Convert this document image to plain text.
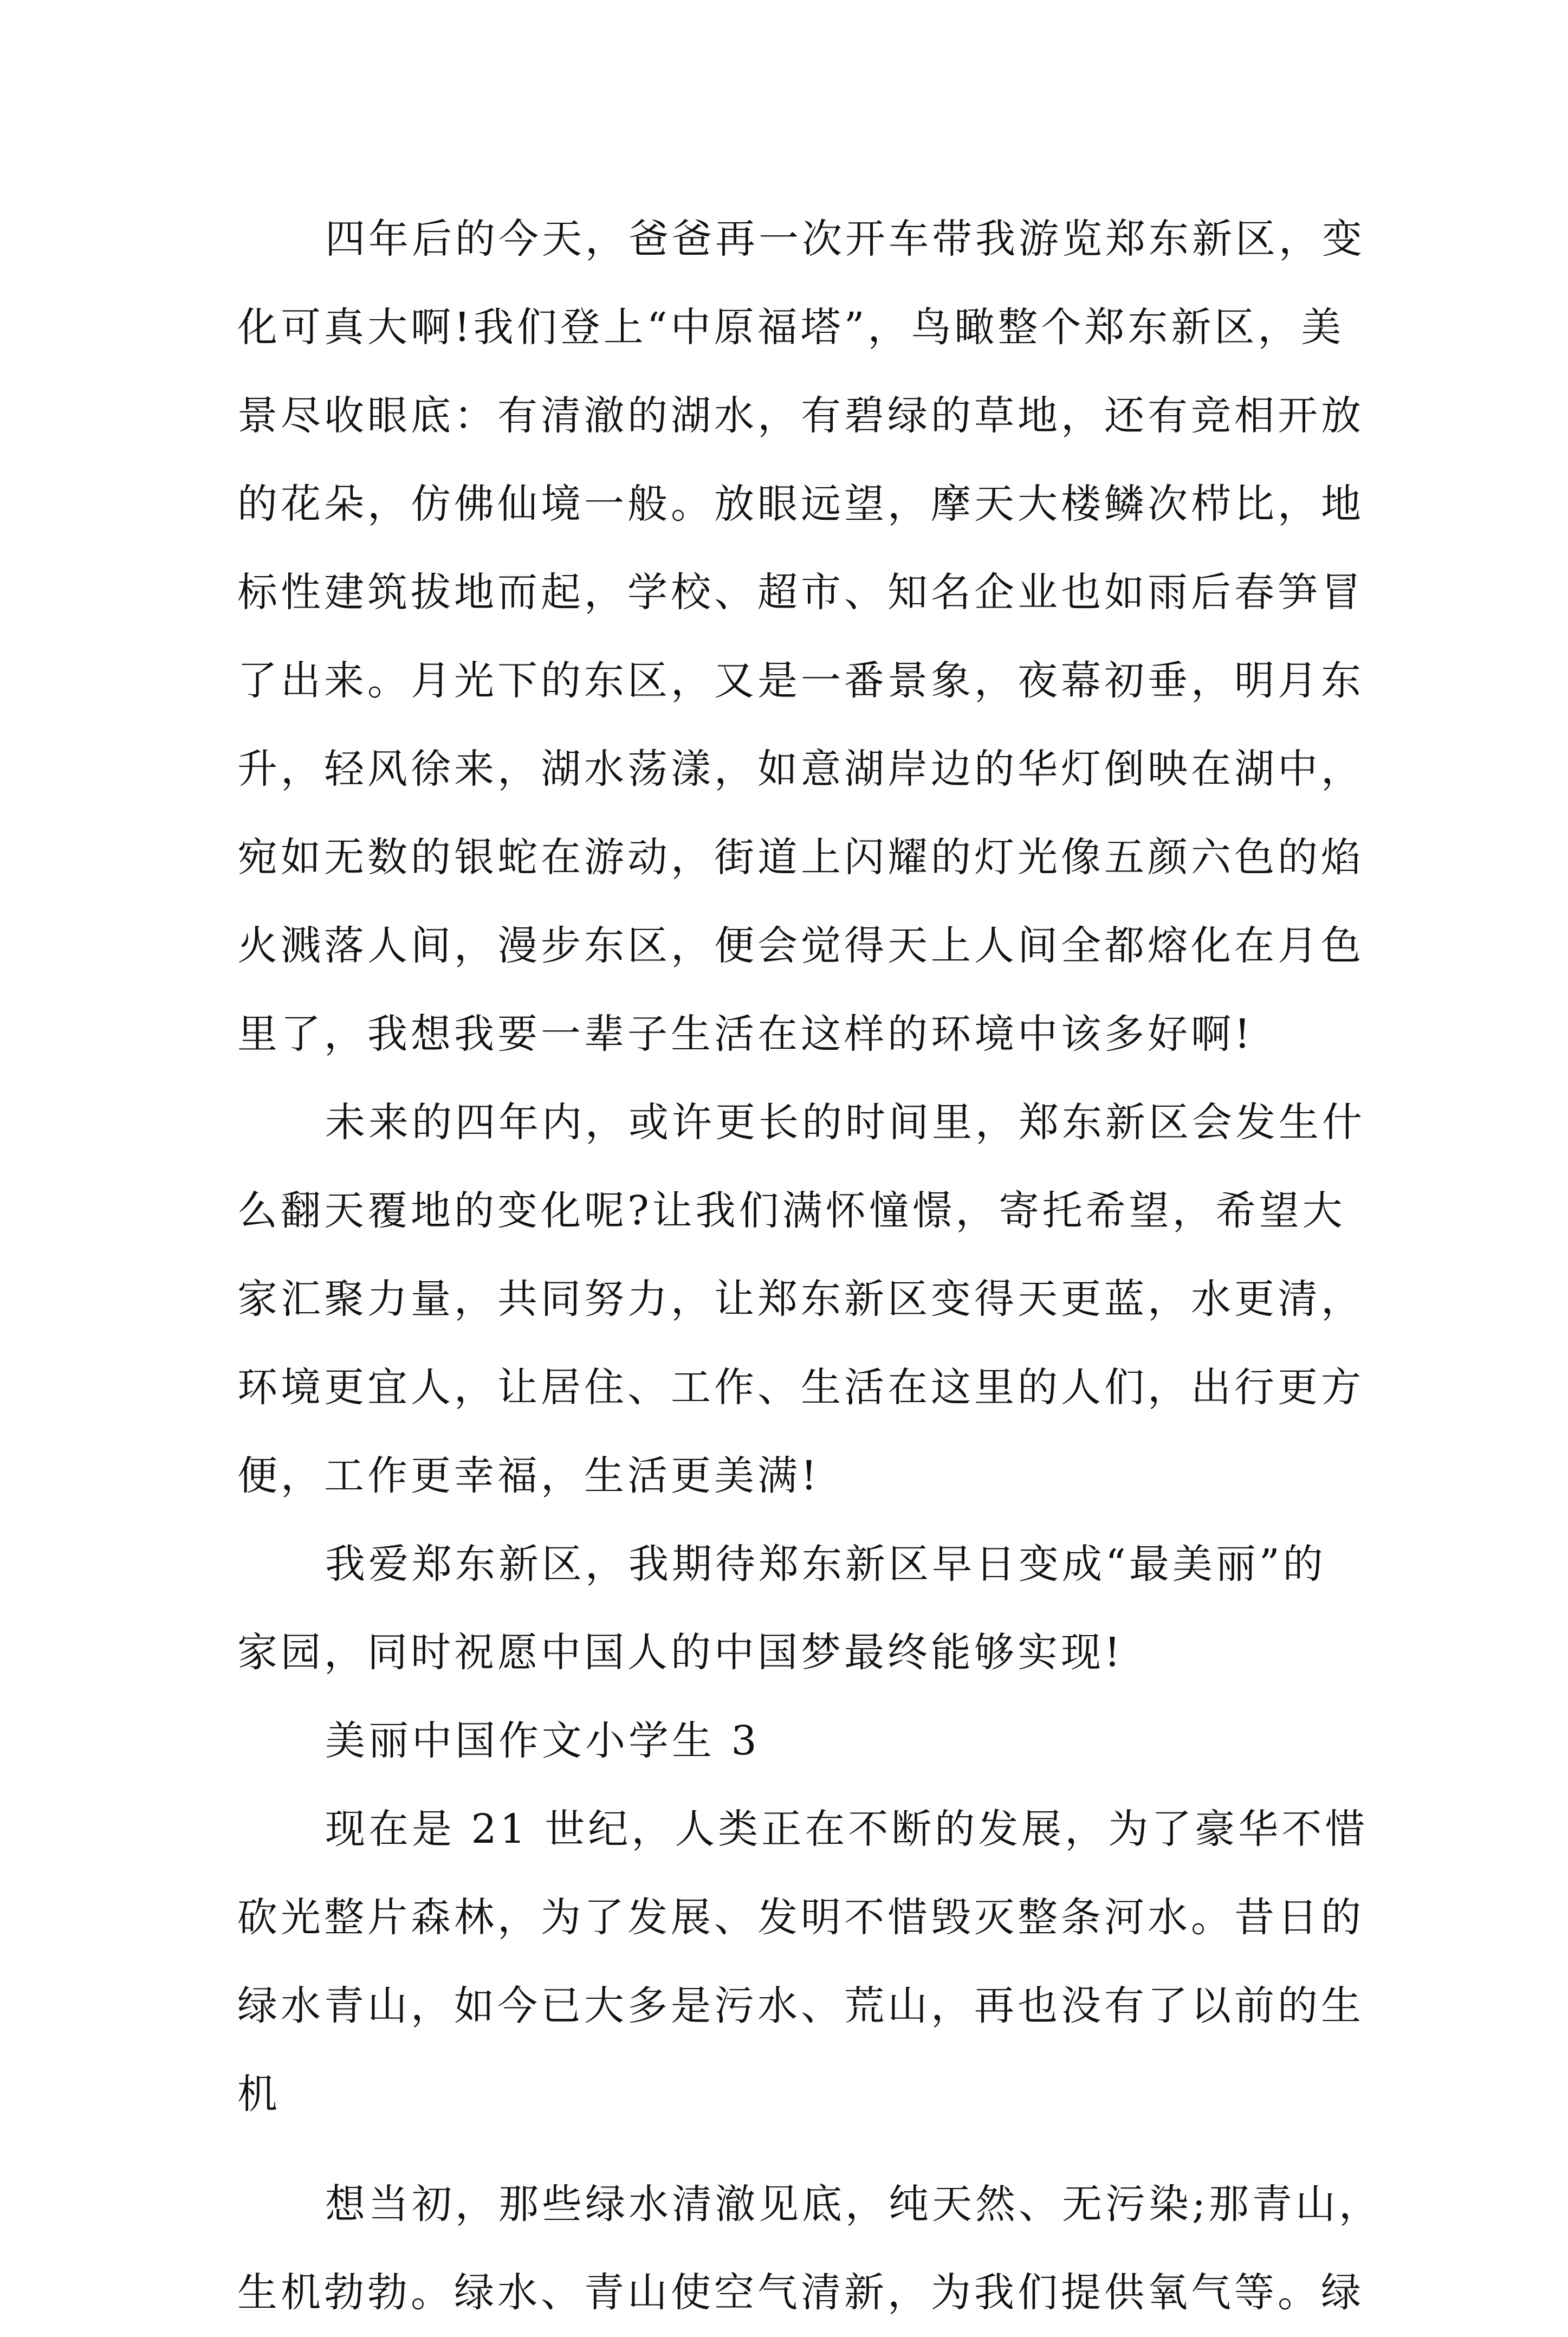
四年后的今天，爸爸再一次开车带我游览郑东新区，变
化可真大啊!我们登上“中原福塔”，鸟瞰整个郑东新区，美
景尽收眼底：有清澈的湖水，有碧绿的草地，还有竞相开放
的花朵，仿佛仙境一般。放眼远望，摩天大楼鳞次栉比，地
标性建筑拔地而起，学校、超市、知名企业也如雨后春笋冒
了出来。月光下的东区，又是一番景象，夜幕初垂，明月东
升，轻风徐来，湖水荡漾，如意湖岸边的华灯倒映在湖中，
宛如无数的银蛇在游动，街道上闪耀的灯光像五颜六色的焰
火溅落人间，漫步东区，便会觉得天上人间全都熔化在月色
里了，我想我要一辈子生活在这样的环境中该多好啊!
未来的四年内，或许更长的时间里，郑东新区会发生什
么翻天覆地的变化呢?让我们满怀憧憬，寄托希望，希望大
家汇聚力量，共同努力，让郑东新区变得天更蓝，水更清，
环境更宜人，让居住、工作、生活在这里的人们，出行更方
便，工作更幸福，生活更美满!
我爱郑东新区，我期待郑东新区早日变成“最美丽”的
家园，同时祝愿中国人的中国梦最终能够实现!
美丽中国作文小学生 3
现在是 21 世纪，人类正在不断的发展，为了豪华不惜
砍光整片森林，为了发展、发明不惜毁灭整条河水。昔日的
绿水青山，如今已大多是污水、荒山，再也没有了以前的生
机
想当初，那些绿水清澈见底，纯天然、无污染;那青山，
生机勃勃。绿水、青山使空气清新，为我们提供氧气等。绿
